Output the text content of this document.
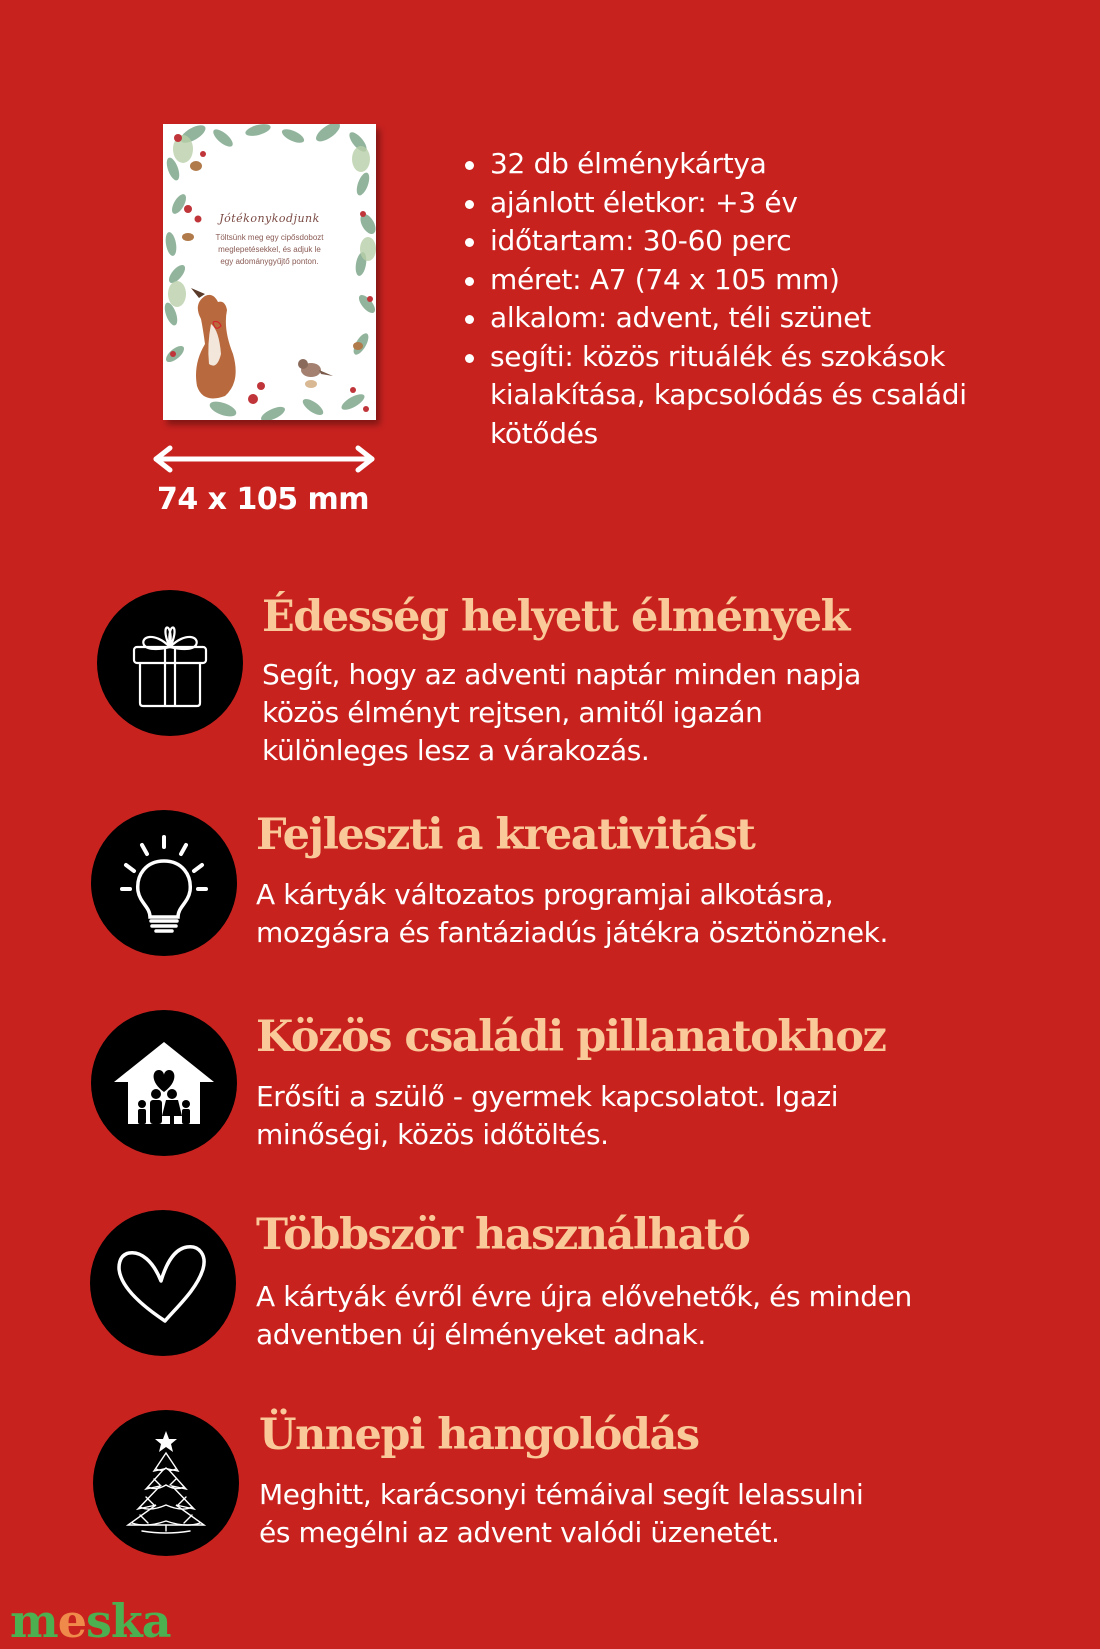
Jótékonykodjunk
Töltsünk meg egy cipősdobozt
meglepetésekkel, és adjuk le
egy adománygyűjtő ponton.
74 x 105 mm
32 db élménykártya
ajánlott életkor: +3 év
időtartam: 30-60 perc
méret: A7 (74 x 105 mm)
alkalom: advent, téli szünet
segíti: közös rituálék és szokások kialakítása, kapcsolódás és családi kötődés
Édesség helyett élmények
Segít, hogy az adventi naptár minden napja
közös élményt rejtsen, amitől igazán
különleges lesz a várakozás.
Fejleszti a kreativitást
A kártyák változatos programjai alkotásra,
mozgásra és fantáziadús játékra ösztönöznek.
Közös családi pillanatokhoz
Erősíti a szülő - gyermek kapcsolatot. Igazi
minőségi, közös időtöltés.
Többször használható
A kártyák évről évre újra elővehetők, és minden
adventben új élményeket adnak.
Ünnepi hangolódás
Meghitt, karácsonyi témáival segít lelassulni
és megélni az advent valódi üzenetét.
meska
